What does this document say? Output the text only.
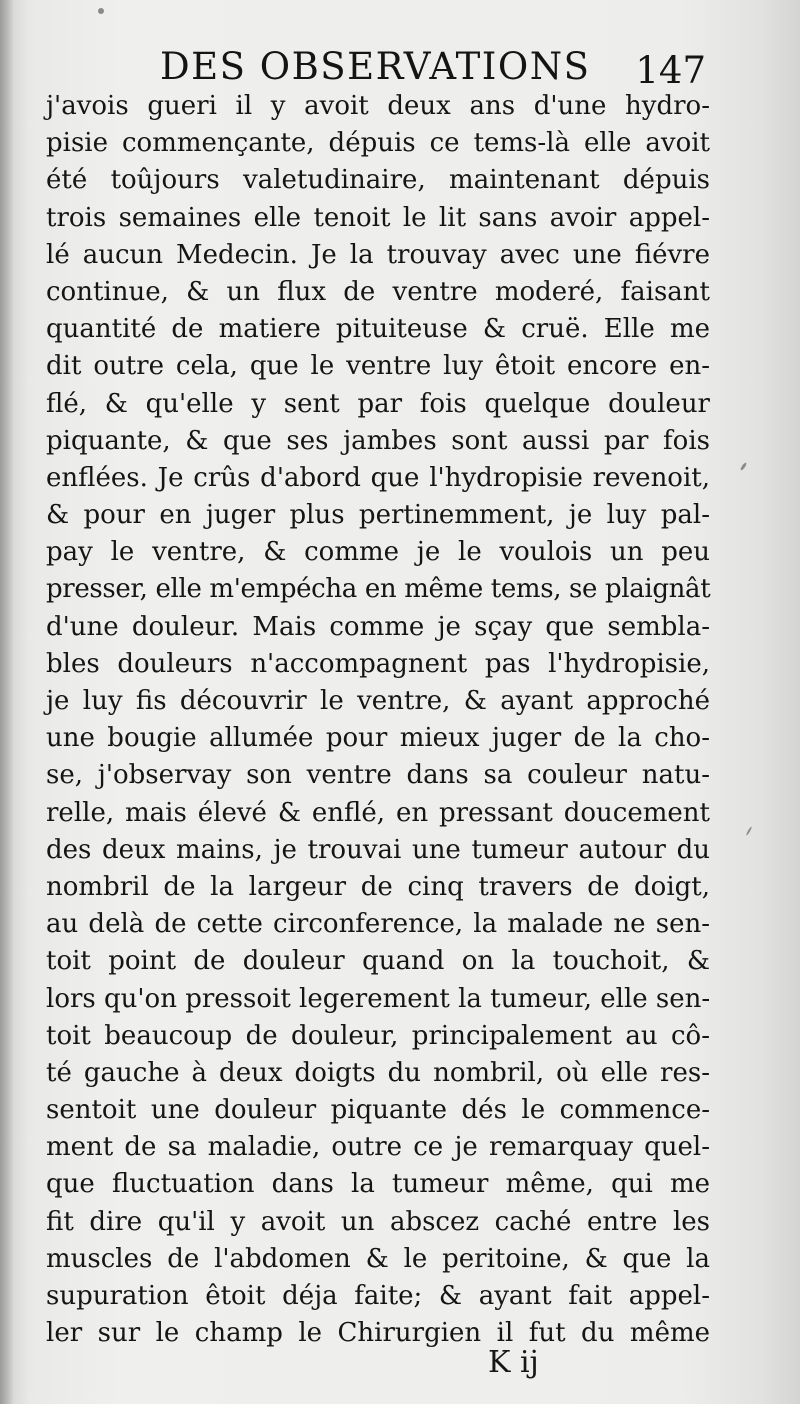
DES OBSERVATIONS 147
j'avois gueri il y avoit deux ans d'une hydro-
pisie commençante, dépuis ce tems-là elle avoit
été toûjours valetudinaire, maintenant dépuis
trois semaines elle tenoit le lit sans avoir appel-
lé aucun Medecin. Je la trouvay avec une fiévre
continue, & un flux de ventre moderé, faisant
quantité de matiere pituiteuse & cruë. Elle me
dit outre cela, que le ventre luy êtoit encore en-
flé, & qu'elle y sent par fois quelque douleur
piquante, & que ses jambes sont aussi par fois
enflées. Je crûs d'abord que l'hydropisie revenoit,
& pour en juger plus pertinemment, je luy pal-
pay le ventre, & comme je le voulois un peu
presser, elle m'empécha en même tems, se plaignât
d'une douleur. Mais comme je sçay que sembla-
bles douleurs n'accompagnent pas l'hydropisie,
je luy fis découvrir le ventre, & ayant approché
une bougie allumée pour mieux juger de la cho-
se, j'observay son ventre dans sa couleur natu-
relle, mais élevé & enflé, en pressant doucement
des deux mains, je trouvai une tumeur autour du
nombril de la largeur de cinq travers de doigt,
au delà de cette circonference, la malade ne sen-
toit point de douleur quand on la touchoit, &
lors qu'on pressoit legerement la tumeur, elle sen-
toit beaucoup de douleur, principalement au cô-
té gauche à deux doigts du nombril, où elle res-
sentoit une douleur piquante dés le commence-
ment de sa maladie, outre ce je remarquay quel-
que fluctuation dans la tumeur même, qui me
fit dire qu'il y avoit un abscez caché entre les
muscles de l'abdomen & le peritoine, & que la
supuration êtoit déja faite; & ayant fait appel-
ler sur le champ le Chirurgien il fut du même
K ij
